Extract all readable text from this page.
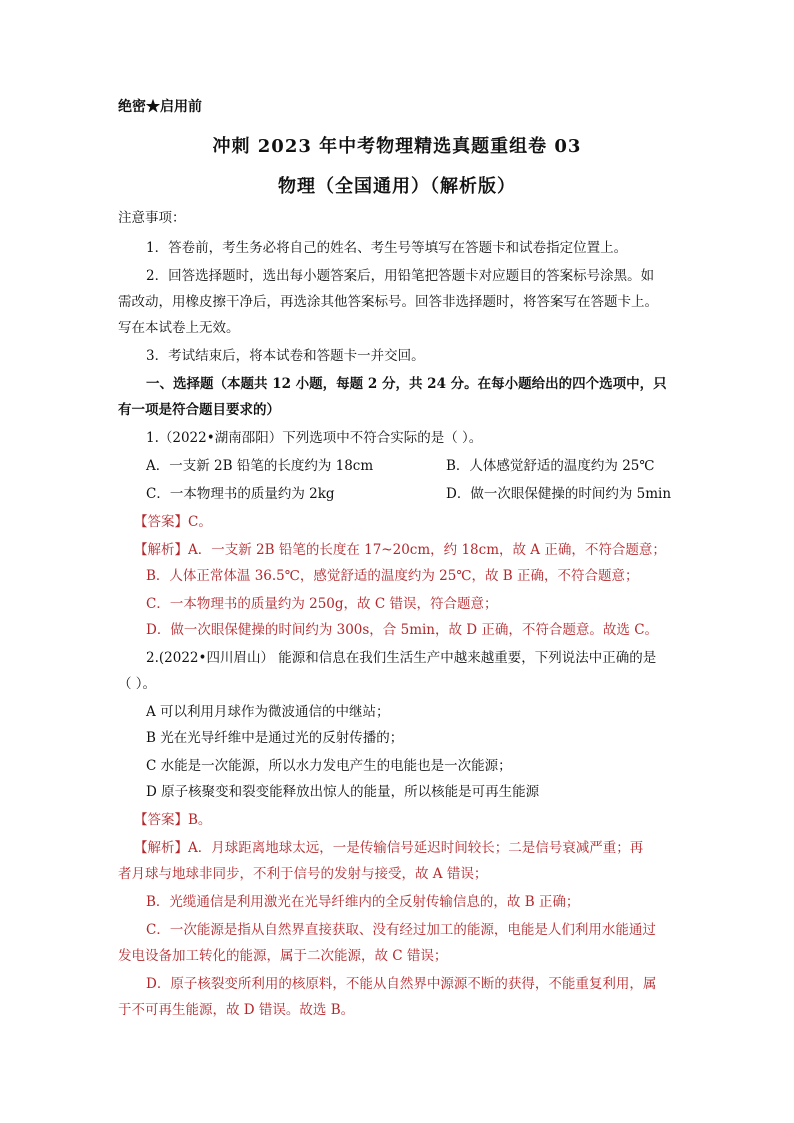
绝密★启用前
冲刺 2023 年中考物理精选真题重组卷 03
物理（全国通用）（解析版）
注意事项：
1．答卷前，考生务必将自己的姓名、考生号等填写在答题卡和试卷指定位置上。
2．回答选择题时，选出每小题答案后，用铅笔把答题卡对应题目的答案标号涂黑。如
需改动，用橡皮擦干净后，再选涂其他答案标号。回答非选择题时，将答案写在答题卡上。
写在本试卷上无效。
3．考试结束后，将本试卷和答题卡一并交回。
一、选择题（本题共 12 小题，每题 2 分，共 24 分。在每小题给出的四个选项中，只
有一项是符合题目要求的）
1.（2022•湖南邵阳）下列选项中不符合实际的是（ ）。
A．一支新 2B 铅笔的长度约为 18cm	B．人体感觉舒适的温度约为 25℃
C．一本物理书的质量约为 2kg	D．做一次眼保健操的时间约为 5min
【答案】C。
【解析】A．一支新 2B 铅笔的长度在 17~20cm，约 18cm，故 A 正确，不符合题意；
B．人体正常体温 36.5℃，感觉舒适的温度约为 25℃，故 B 正确，不符合题意；
C．一本物理书的质量约为 250g，故 C 错误，符合题意；
D．做一次眼保健操的时间约为 300s，合 5min，故 D 正确，不符合题意。故选 C。
2.(2022•四川眉山） 能源和信息在我们生活生产中越来越重要，下列说法中正确的是
（ ）。
A 可以利用月球作为微波通信的中继站；
B 光在光导纤维中是通过光的反射传播的；
C 水能是一次能源，所以水力发电产生的电能也是一次能源；
D 原子核聚变和裂变能释放出惊人的能量，所以核能是可再生能源
【答案】B。
【解析】A．月球距离地球太远，一是传输信号延迟时间较长；二是信号衰减严重；再
者月球与地球非同步，不利于信号的发射与接受，故 A 错误；
B．光缆通信是利用激光在光导纤维内的全反射传输信息的，故 B 正确；
C．一次能源是指从自然界直接获取、没有经过加工的能源，电能是人们利用水能通过
发电设备加工转化的能源，属于二次能源，故 C 错误；
D．原子核裂变所利用的核原料，不能从自然界中源源不断的获得，不能重复利用，属
于不可再生能源，故 D 错误。故选 B。
